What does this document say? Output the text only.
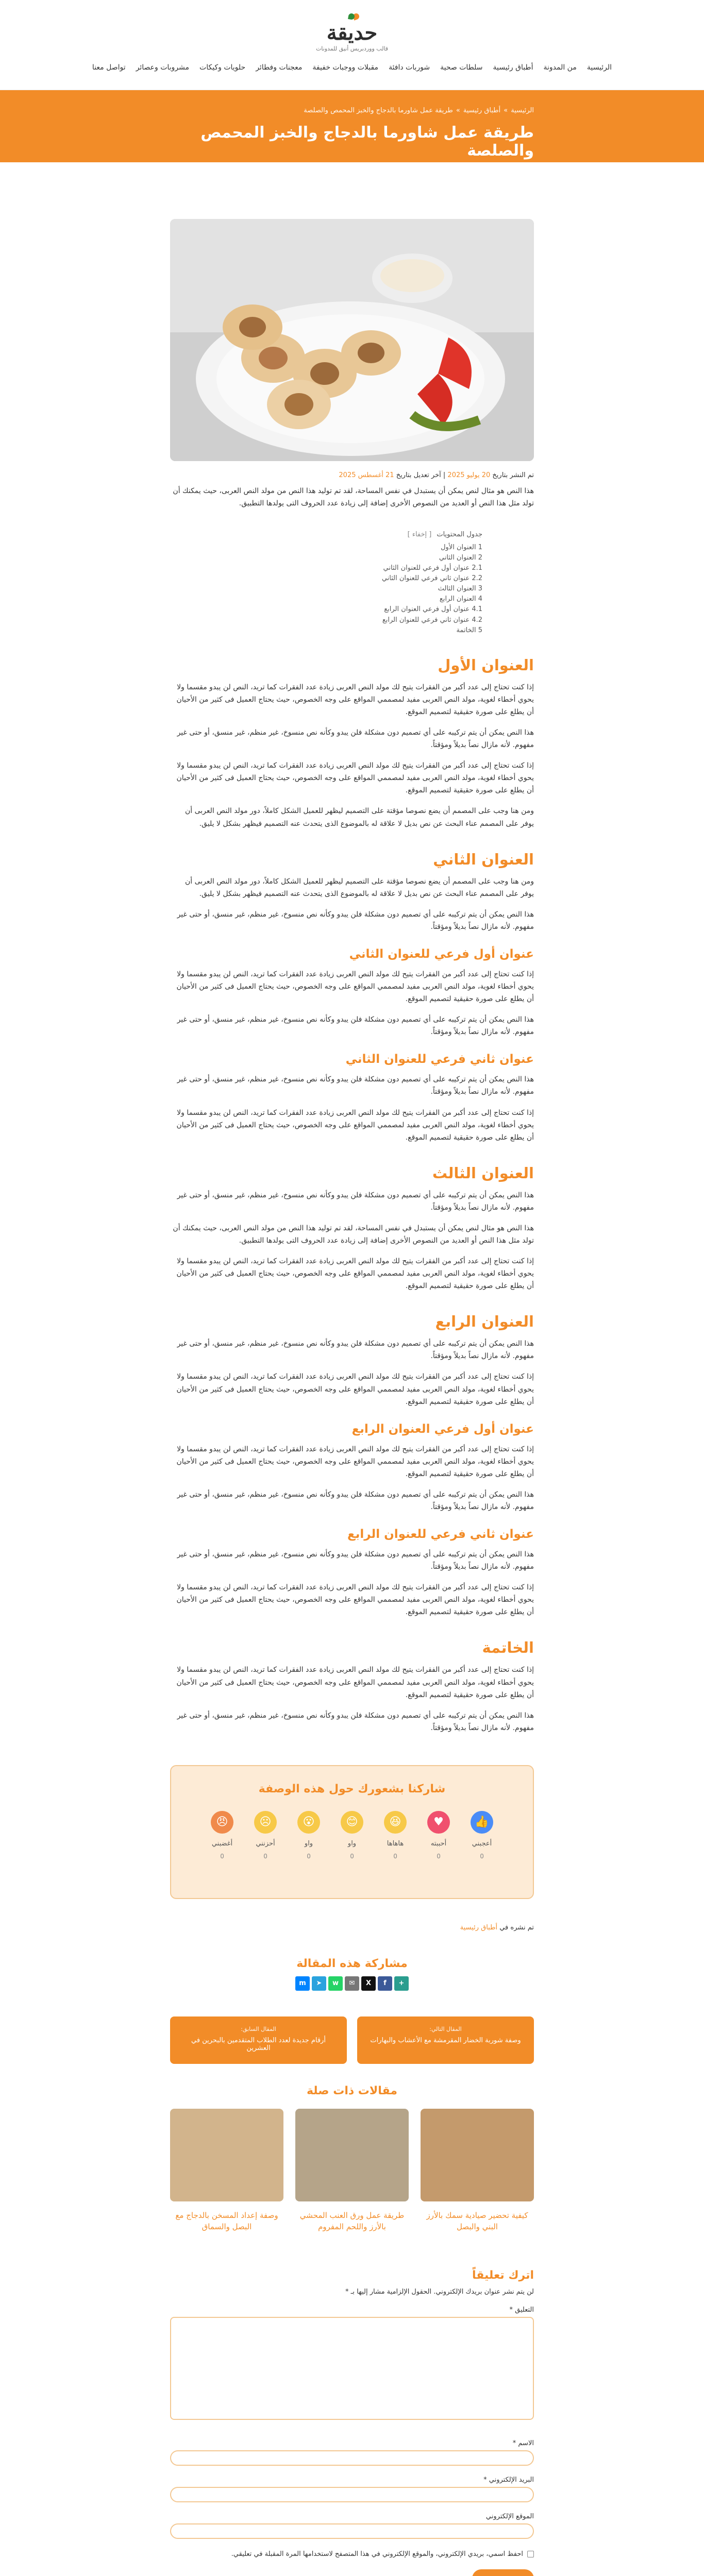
حديقة
قالب ووردبريس أنيق للمدونات
الرئيسية
من المدونة
أطباق رئيسية
سلطات صحية
شوربات دافئة
مقبلات ووجبات خفيفة
معجنات وفطائر
حلويات وكيكات
مشروبات وعصائر
تواصل معنا
الرئيسية
»
أطباق رئيسية
»
طريقة عمل شاورما بالدجاج والخبز المحمص والصلصة
طريقة عمل شاورما بالدجاج والخبز المحمص والصلصة

تم النشر بتاريخ 20 يوليو 2025 | آخر تعديل بتاريخ 21 أغسطس 2025

هذا النص هو مثال لنص يمكن أن يستبدل في نفس المساحة، لقد تم توليد هذا النص من مولد النص العربى، حيث يمكنك أن تولد مثل هذا النص أو العديد من النصوص الأخرى إضافة إلى زيادة عدد الحروف التى يولدها التطبيق.

جدول المحتويات
[ إخفاء ]
1 العنوان الأول
2 العنوان الثاني
2.1 عنوان أول فرعي للعنوان الثاني
2.2 عنوان ثاني فرعي للعنوان الثاني
3 العنوان الثالث
4 العنوان الرابع
4.1 عنوان أول فرعي العنوان الرابع
4.2 عنوان ثاني فرعي للعنوان الرابع
5 الخاتمة
العنوان الأول

إذا كنت تحتاج إلى عدد أكبر من الفقرات يتيح لك مولد النص العربى زيادة عدد الفقرات كما تريد، النص لن يبدو مقسما ولا يحوي أخطاء لغوية، مولد النص العربى مفيد لمصممي المواقع على وجه الخصوص، حيث يحتاج العميل فى كثير من الأحيان أن يطلع على صورة حقيقية لتصميم الموقع.

هذا النص يمكن أن يتم تركيبه على أي تصميم دون مشكلة فلن يبدو وكأنه نص منسوخ، غير منظم، غير منسق، أو حتى غير مفهوم. لأنه مازال نصاً بديلاً ومؤقتاً.

إذا كنت تحتاج إلى عدد أكبر من الفقرات يتيح لك مولد النص العربى زيادة عدد الفقرات كما تريد، النص لن يبدو مقسما ولا يحوي أخطاء لغوية، مولد النص العربى مفيد لمصممي المواقع على وجه الخصوص، حيث يحتاج العميل فى كثير من الأحيان أن يطلع على صورة حقيقية لتصميم الموقع.

ومن هنا وجب على المصمم أن يضع نصوصا مؤقتة على التصميم ليظهر للعميل الشكل كاملاً، دور مولد النص العربى أن يوفر على المصمم عناء البحث عن نص بديل لا علاقة له بالموضوع الذى يتحدث عنه التصميم فيظهر بشكل لا يليق.

العنوان الثاني

ومن هنا وجب على المصمم أن يضع نصوصا مؤقتة على التصميم ليظهر للعميل الشكل كاملاً، دور مولد النص العربى أن يوفر على المصمم عناء البحث عن نص بديل لا علاقة له بالموضوع الذى يتحدث عنه التصميم فيظهر بشكل لا يليق.

هذا النص يمكن أن يتم تركيبه على أي تصميم دون مشكلة فلن يبدو وكأنه نص منسوخ، غير منظم، غير منسق، أو حتى غير مفهوم. لأنه مازال نصاً بديلاً ومؤقتاً.

عنوان أول فرعي للعنوان الثاني

إذا كنت تحتاج إلى عدد أكبر من الفقرات يتيح لك مولد النص العربى زيادة عدد الفقرات كما تريد، النص لن يبدو مقسما ولا يحوي أخطاء لغوية، مولد النص العربى مفيد لمصممي المواقع على وجه الخصوص، حيث يحتاج العميل فى كثير من الأحيان أن يطلع على صورة حقيقية لتصميم الموقع.

هذا النص يمكن أن يتم تركيبه على أي تصميم دون مشكلة فلن يبدو وكأنه نص منسوخ، غير منظم، غير منسق، أو حتى غير مفهوم. لأنه مازال نصاً بديلاً ومؤقتاً.

عنوان ثاني فرعي للعنوان الثاني

هذا النص يمكن أن يتم تركيبه على أي تصميم دون مشكلة فلن يبدو وكأنه نص منسوخ، غير منظم، غير منسق، أو حتى غير مفهوم. لأنه مازال نصاً بديلاً ومؤقتاً.

إذا كنت تحتاج إلى عدد أكبر من الفقرات يتيح لك مولد النص العربى زيادة عدد الفقرات كما تريد، النص لن يبدو مقسما ولا يحوي أخطاء لغوية، مولد النص العربى مفيد لمصممي المواقع على وجه الخصوص، حيث يحتاج العميل فى كثير من الأحيان أن يطلع على صورة حقيقية لتصميم الموقع.

العنوان الثالث

هذا النص يمكن أن يتم تركيبه على أي تصميم دون مشكلة فلن يبدو وكأنه نص منسوخ، غير منظم، غير منسق، أو حتى غير مفهوم. لأنه مازال نصاً بديلاً ومؤقتاً.

هذا النص هو مثال لنص يمكن أن يستبدل في نفس المساحة، لقد تم توليد هذا النص من مولد النص العربى، حيث يمكنك أن تولد مثل هذا النص أو العديد من النصوص الأخرى إضافة إلى زيادة عدد الحروف التى يولدها التطبيق.

إذا كنت تحتاج إلى عدد أكبر من الفقرات يتيح لك مولد النص العربى زيادة عدد الفقرات كما تريد، النص لن يبدو مقسما ولا يحوي أخطاء لغوية، مولد النص العربى مفيد لمصممي المواقع على وجه الخصوص، حيث يحتاج العميل فى كثير من الأحيان أن يطلع على صورة حقيقية لتصميم الموقع.

العنوان الرابع

هذا النص يمكن أن يتم تركيبه على أي تصميم دون مشكلة فلن يبدو وكأنه نص منسوخ، غير منظم، غير منسق، أو حتى غير مفهوم. لأنه مازال نصاً بديلاً ومؤقتاً.

إذا كنت تحتاج إلى عدد أكبر من الفقرات يتيح لك مولد النص العربى زيادة عدد الفقرات كما تريد، النص لن يبدو مقسما ولا يحوي أخطاء لغوية، مولد النص العربى مفيد لمصممي المواقع على وجه الخصوص، حيث يحتاج العميل فى كثير من الأحيان أن يطلع على صورة حقيقية لتصميم الموقع.

عنوان أول فرعي العنوان الرابع

إذا كنت تحتاج إلى عدد أكبر من الفقرات يتيح لك مولد النص العربى زيادة عدد الفقرات كما تريد، النص لن يبدو مقسما ولا يحوي أخطاء لغوية، مولد النص العربى مفيد لمصممي المواقع على وجه الخصوص، حيث يحتاج العميل فى كثير من الأحيان أن يطلع على صورة حقيقية لتصميم الموقع.

هذا النص يمكن أن يتم تركيبه على أي تصميم دون مشكلة فلن يبدو وكأنه نص منسوخ، غير منظم، غير منسق، أو حتى غير مفهوم. لأنه مازال نصاً بديلاً ومؤقتاً.

عنوان ثاني فرعي للعنوان الرابع

هذا النص يمكن أن يتم تركيبه على أي تصميم دون مشكلة فلن يبدو وكأنه نص منسوخ، غير منظم، غير منسق، أو حتى غير مفهوم. لأنه مازال نصاً بديلاً ومؤقتاً.

إذا كنت تحتاج إلى عدد أكبر من الفقرات يتيح لك مولد النص العربى زيادة عدد الفقرات كما تريد، النص لن يبدو مقسما ولا يحوي أخطاء لغوية، مولد النص العربى مفيد لمصممي المواقع على وجه الخصوص، حيث يحتاج العميل فى كثير من الأحيان أن يطلع على صورة حقيقية لتصميم الموقع.

الخاتمة

إذا كنت تحتاج إلى عدد أكبر من الفقرات يتيح لك مولد النص العربى زيادة عدد الفقرات كما تريد، النص لن يبدو مقسما ولا يحوي أخطاء لغوية، مولد النص العربى مفيد لمصممي المواقع على وجه الخصوص، حيث يحتاج العميل فى كثير من الأحيان أن يطلع على صورة حقيقية لتصميم الموقع.

هذا النص يمكن أن يتم تركيبه على أي تصميم دون مشكلة فلن يبدو وكأنه نص منسوخ، غير منظم، غير منسق، أو حتى غير مفهوم. لأنه مازال نصاً بديلاً ومؤقتاً.

شاركنا بشعورك حول هذه الوصفة
👍
أعجبني
0
♥
أحببته
0
😆
هاهاها
0
😊
واو
0
😮
واو
0
☹
أحزنني
0
😠
أغضبني
0

تم نشره في أطباق رئيسية

مشاركة هذه المقالة
+
f
X
✉
w
➤
m
المقال التالي:
وصفة شوربة الخضار المقرمشة مع الأعشاب والبهارات
المقال السابق:
أرقام جديدة لعدد الطلاب المتقدمين بالبحرين في العشرين
مقالات ذات صلة
كيفية تحضير صيادية سمك بالأرز البني والبصل
طريقة عمل ورق العنب المحشي بالأرز واللحم المفروم
وصفة إعداد المسخن بالدجاج مع البصل والسماق
اترك تعليقاً

لن يتم نشر عنوان بريدك الإلكتروني. الحقول الإلزامية مشار إليها بـ *

التعليق *
الاسم *
البريد الإلكتروني *
الموقع الإلكتروني
احفظ اسمي، بريدي الإلكتروني، والموقع الإلكتروني في هذا المتصفح لاستخدامها المرة المقبلة في تعليقي.
